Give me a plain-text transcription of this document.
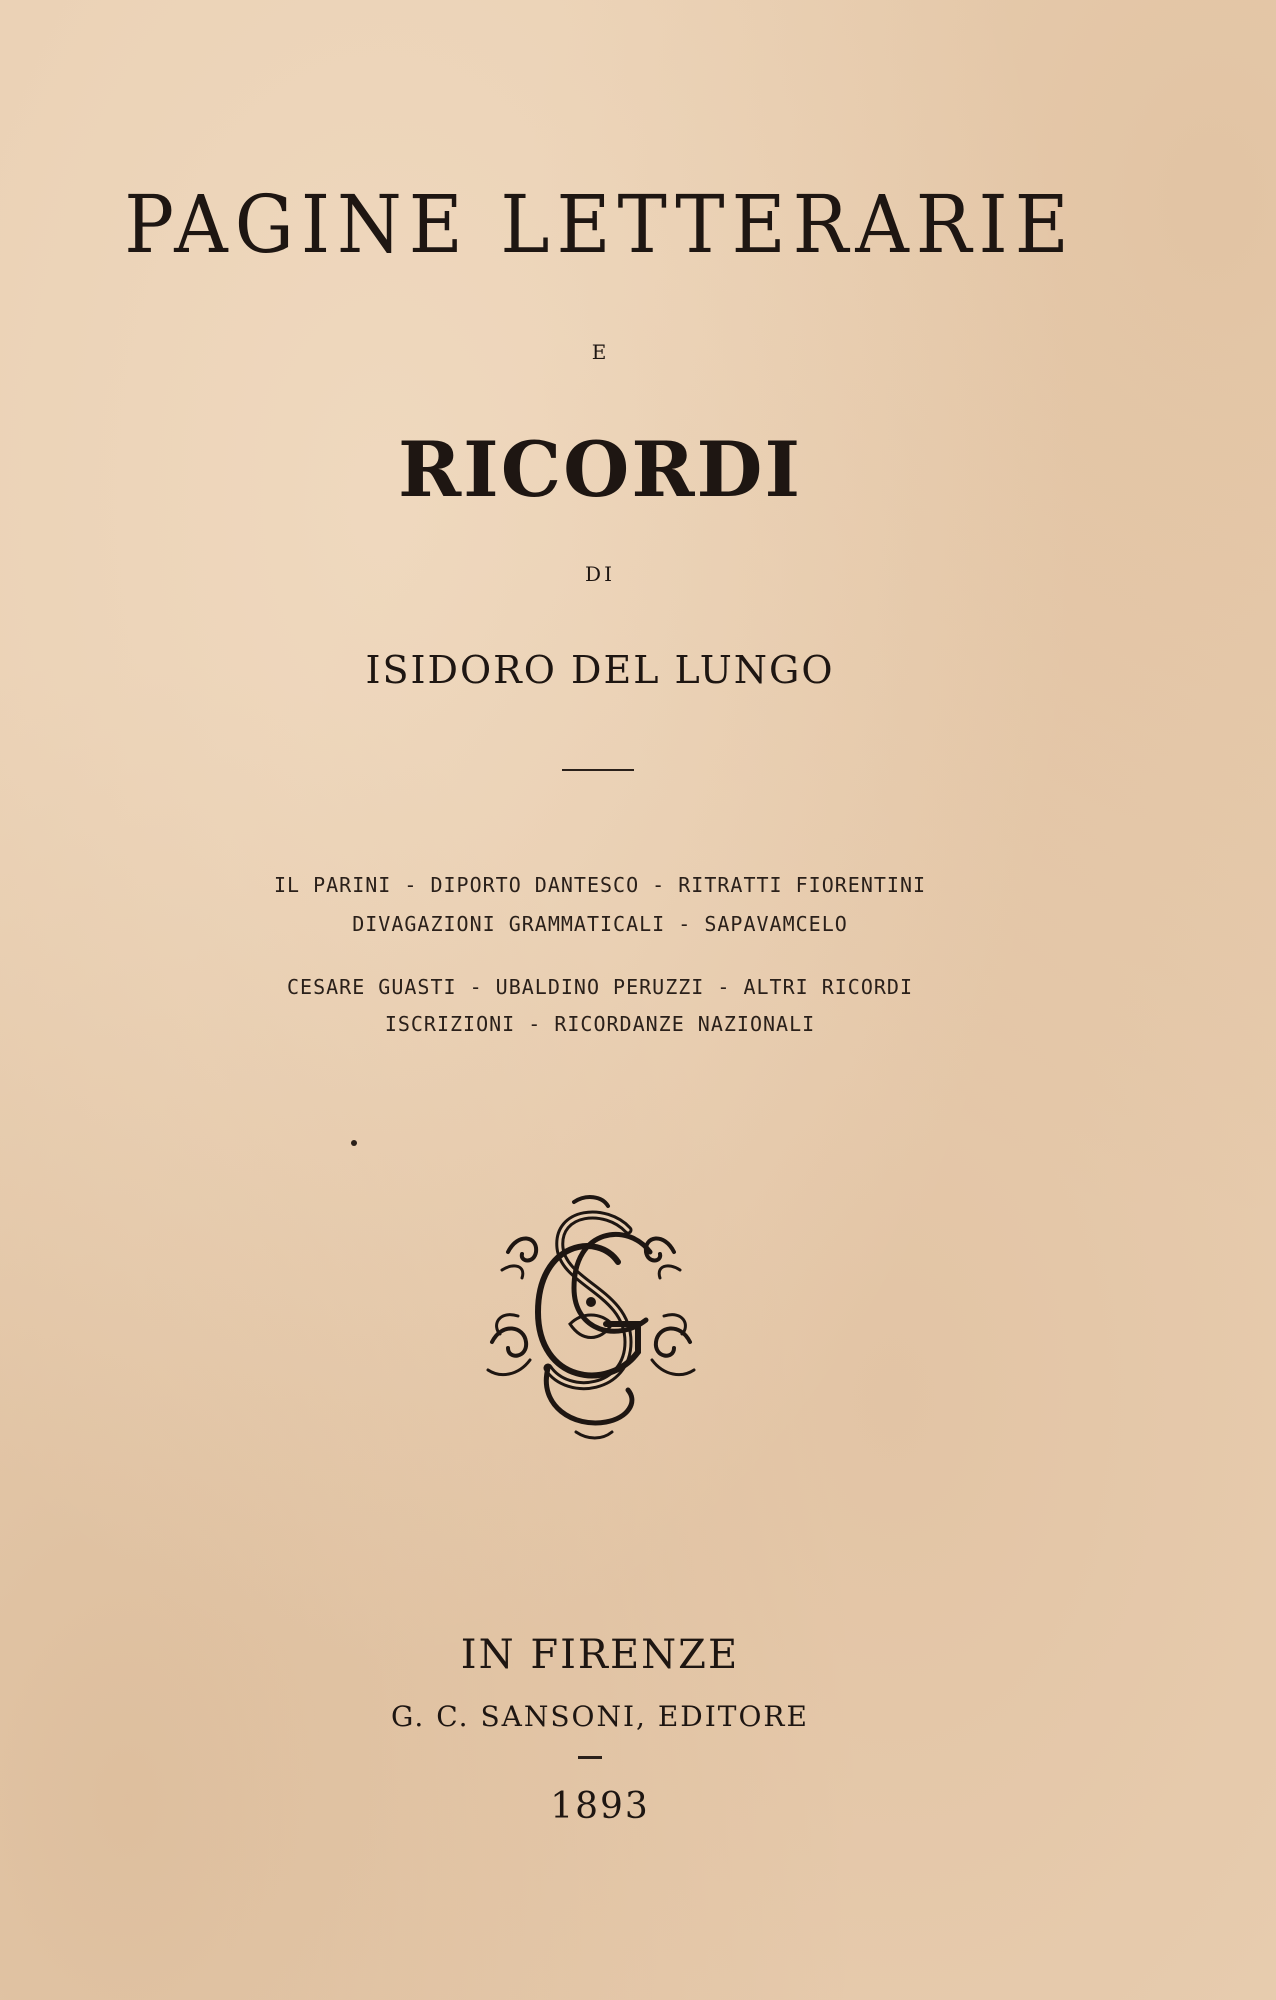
PAGINE LETTERARIE
E
RICORDI
DI
ISIDORO DEL LUNGO
IL PARINI - DIPORTO DANTESCO - RITRATTI FIORENTINI
DIVAGAZIONI GRAMMATICALI - SAPAVAMCELO
CESARE GUASTI - UBALDINO PERUZZI - ALTRI RICORDI
ISCRIZIONI - RICORDANZE NAZIONALI
IN FIRENZE
G. C. SANSONI, EDITORE
1893
